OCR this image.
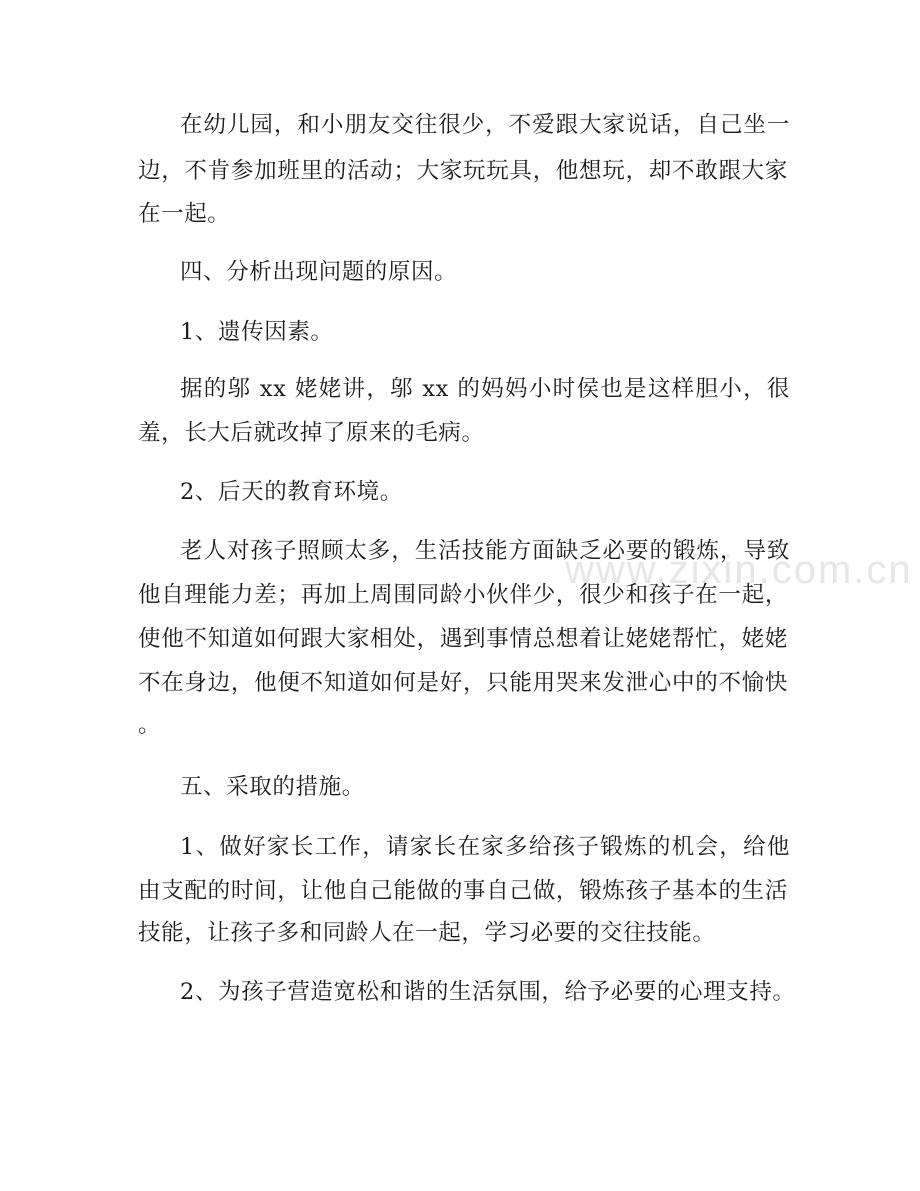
www.zixin.com.cn
在幼儿园，和小朋友交往很少，不爱跟大家说话，自己坐一
边，不肯参加班里的活动；大家玩玩具，他想玩，却不敢跟大家
在一起。
四、分析出现问题的原因。
1、遗传因素。
据的邬 xx 姥姥讲，邬 xx 的妈妈小时侯也是这样胆小，很
羞，长大后就改掉了原来的毛病。
2、后天的教育环境。
老人对孩子照顾太多，生活技能方面缺乏必要的锻炼，导致
他自理能力差；再加上周围同龄小伙伴少，很少和孩子在一起，
使他不知道如何跟大家相处，遇到事情总想着让姥姥帮忙，姥姥
不在身边，他便不知道如何是好，只能用哭来发泄心中的不愉快
。
五、采取的措施。
1、做好家长工作，请家长在家多给孩子锻炼的机会，给他
由支配的时间，让他自己能做的事自己做，锻炼孩子基本的生活
技能，让孩子多和同龄人在一起，学习必要的交往技能。
2、为孩子营造宽松和谐的生活氛围，给予必要的心理支持。
